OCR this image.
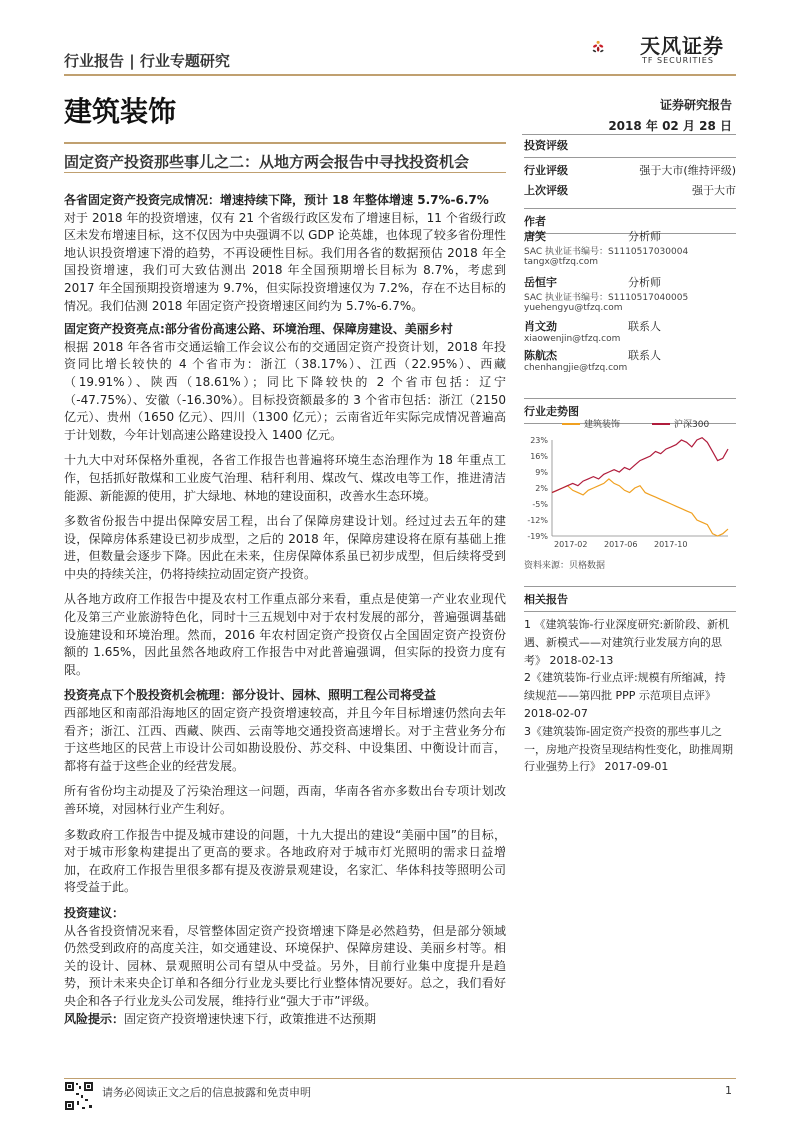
行业报告 | 行业专题研究
天风证券
TF SECURITIES
建筑装饰	证券研究报告
2018 年 02 月 28 日
固定资产投资那些事儿之二：从地方两会报告中寻找投资机会

各省固定资产投资完成情况：增速持续下降，预计 18 年整体增速 5.7%-6.7%

对于 2018 年的投资增速，仅有 21 个省级行政区发布了增速目标，11 个省级行政区未发布增速目标，这不仅因为中央强调不以 GDP 论英雄，也体现了较多省份理性地认识投资增速下滑的趋势，不再设硬性目标。我们用各省的数据预估 2018 年全国投资增速，我们可大致估测出 2018 年全国预期增长目标为 8.7%，考虑到 2017 年全国预期投资增速为 9.7%，但实际投资增速仅为 7.2%，存在不达目标的情况。我们估测 2018 年固定资产投资增速区间约为 5.7%-6.7%。

固定资产投资亮点:部分省份高速公路、环境治理、保障房建设、美丽乡村

根据 2018 年各省市交通运输工作会议公布的交通固定资产投资计划，2018 年投资同比增长较快的 4 个省市为：浙江（38.17%）、江西（22.95%）、西藏（19.91%）、陕西（18.61%）；同比下降较快的 2 个省市包括：辽宁（-47.75%）、安徽（-16.30%）。目标投资额最多的 3 个省市包括：浙江（2150 亿元）、贵州（1650 亿元）、四川（1300 亿元）；云南省近年实际完成情况普遍高于计划数，今年计划高速公路建设投入 1400 亿元。

十九大中对环保格外重视，各省工作报告也普遍将环境生态治理作为 18 年重点工作，包括抓好散煤和工业废气治理、秸秆利用、煤改气、煤改电等工作，推进清洁能源、新能源的使用，扩大绿地、林地的建设面积，改善水生态环境。

多数省份报告中提出保障安居工程，出台了保障房建设计划。经过过去五年的建设，保障房体系建设已初步成型，之后的 2018 年，保障房建设将在原有基础上推进，但数量会逐步下降。因此在未来，住房保障体系虽已初步成型，但后续将受到中央的持续关注，仍将持续拉动固定资产投资。

从各地方政府工作报告中提及农村工作重点部分来看，重点是使第一产业农业现代化及第三产业旅游特色化，同时十三五规划中对于农村发展的部分，普遍强调基础设施建设和环境治理。然而，2016 年农村固定资产投资仅占全国固定资产投资份额的 1.65%，因此虽然各地政府工作报告中对此普遍强调，但实际的投资力度有限。

投资亮点下个股投资机会梳理：部分设计、园林、照明工程公司将受益

西部地区和南部沿海地区的固定资产投资增速较高，并且今年目标增速仍然向去年看齐；浙江、江西、西藏、陕西、云南等地交通投资高速增长。对于主营业务分布于这些地区的民营上市设计公司如勘设股份、苏交科、中设集团、中衡设计而言，都将有益于这些企业的经营发展。

所有省份均主动提及了污染治理这一问题，西南，华南各省亦多数出台专项计划改善环境，对园林行业产生利好。

多数政府工作报告中提及城市建设的问题，十九大提出的建设“美丽中国”的目标，对于城市形象构建提出了更高的要求。各地政府对于城市灯光照明的需求日益增加，在政府工作报告里很多都有提及夜游景观建设，名家汇、华体科技等照明公司将受益于此。

投资建议：

从各省投资情况来看，尽管整体固定资产投资增速下降是必然趋势，但是部分领域仍然受到政府的高度关注，如交通建设、环境保护、保障房建设、美丽乡村等。相关的设计、园林、景观照明公司有望从中受益。另外，目前行业集中度提升是趋势，预计未来央企订单和各细分行业龙头要比行业整体情况要好。总之，我们看好央企和各子行业龙头公司发展，维持行业“强大于市”评级。

风险提示：固定资产投资增速快速下行，政策推进不达预期

投资评级
行业评级	强于大市(维持评级)
上次评级	强于大市
作者
唐笑	分析师
SAC 执业证书编号：S1110517030004
tangx@tfzq.com
岳恒宇	分析师
SAC 执业证书编号：S1110517040005
yuehengyu@tfzq.com
肖文劲	联系人
xiaowenjin@tfzq.com
陈航杰	联系人
chenhangjie@tfzq.com
行业走势图
建筑装饰	沪深300
23%
16%
9%
2%
-5%
-12%
-19%
2017-02 2017-06 2017-10
资料来源：贝格数据
相关报告

1 《建筑装饰-行业深度研究:新阶段、新机遇、新模式——对建筑行业发展方向的思考》 2018-02-13

2《建筑装饰-行业点评:规模有所缩减，持续规范——第四批 PPP 示范项目点评》 2018-02-07

3《建筑装饰-固定资产投资的那些事儿之一，房地产投资呈现结构性变化，助推周期行业强势上行》 2017-09-01

请务必阅读正文之后的信息披露和免责申明	1
